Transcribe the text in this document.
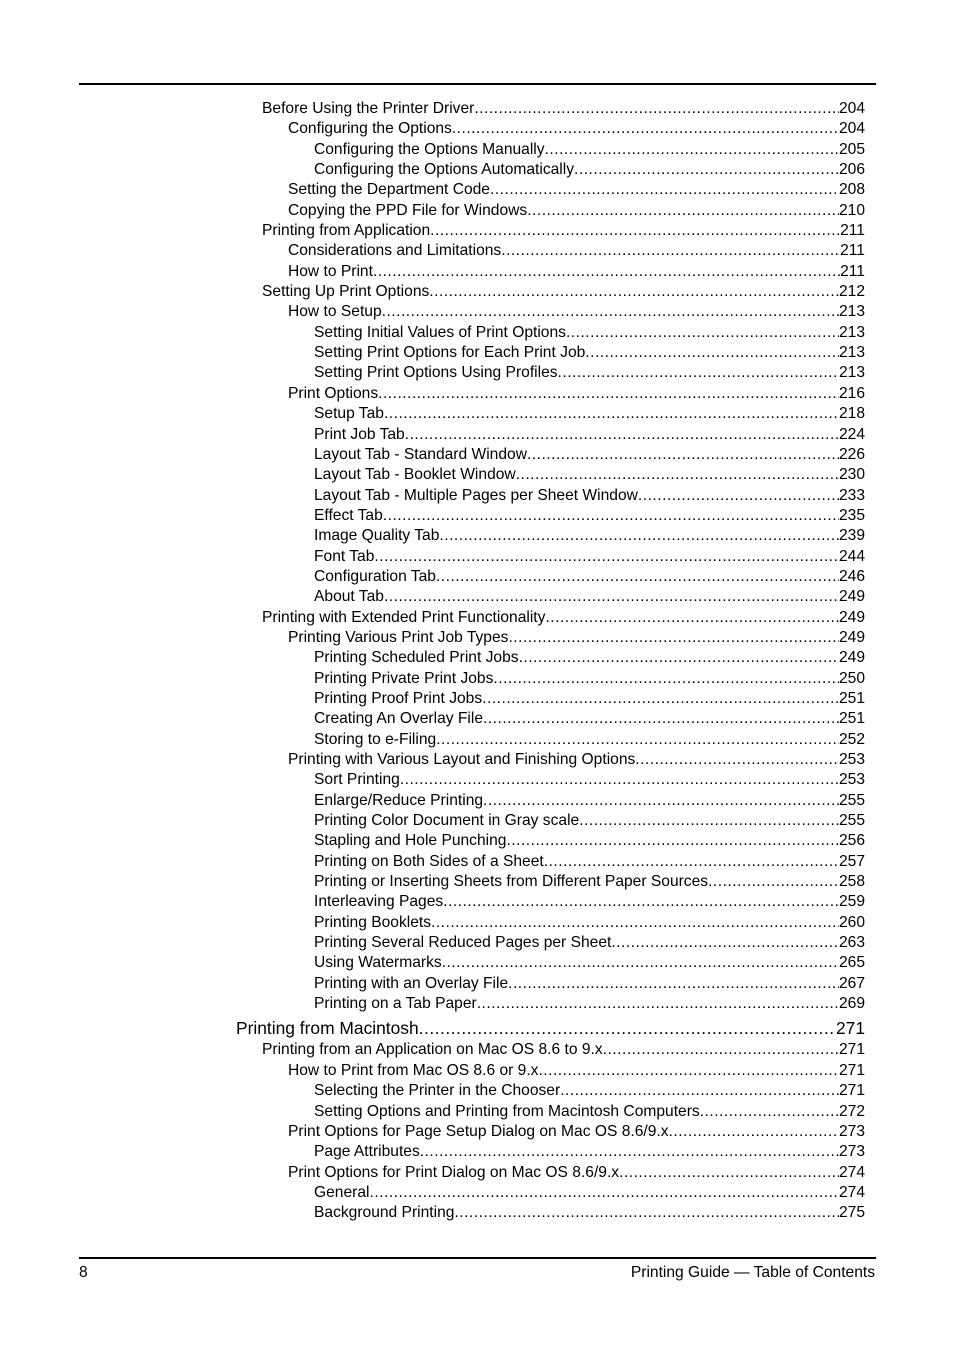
Before Using the Printer Driver .....	204
Configuring the Options .....	204
Configuring the Options Manually .....	205
Configuring the Options Automatically .....	206
Setting the Department Code .....	208
Copying the PPD File for Windows .....	210
Printing from Application .....	211
Considerations and Limitations .....	211
How to Print .....	211
Setting Up Print Options .....	212
How to Setup .....	213
Setting Initial Values of Print Options .....	213
Setting Print Options for Each Print Job .....	213
Setting Print Options Using Profiles .....	213
Print Options .....	216
Setup Tab .....	218
Print Job Tab .....	224
Layout Tab - Standard Window .....	226
Layout Tab - Booklet Window .....	230
Layout Tab - Multiple Pages per Sheet Window .....	233
Effect Tab .....	235
Image Quality Tab .....	239
Font Tab .....	244
Configuration Tab .....	246
About Tab .....	249
Printing with Extended Print Functionality .....	249
Printing Various Print Job Types .....	249
Printing Scheduled Print Jobs .....	249
Printing Private Print Jobs .....	250
Printing Proof Print Jobs .....	251
Creating An Overlay File .....	251
Storing to e-Filing .....	252
Printing with Various Layout and Finishing Options .....	253
Sort Printing .....	253
Enlarge/Reduce Printing .....	255
Printing Color Document in Gray scale .....	255
Stapling and Hole Punching .....	256
Printing on Both Sides of a Sheet .....	257
Printing or Inserting Sheets from Different Paper Sources .....	258
Interleaving Pages .....	259
Printing Booklets .....	260
Printing Several Reduced Pages per Sheet .....	263
Using Watermarks .....	265
Printing with an Overlay File .....	267
Printing on a Tab Paper .....	269
Printing from Macintosh .....	271
Printing from an Application on Mac OS 8.6 to 9.x .....	271
How to Print from Mac OS 8.6 or 9.x .....	271
Selecting the Printer in the Chooser .....	271
Setting Options and Printing from Macintosh Computers .....	272
Print Options for Page Setup Dialog on Mac OS 8.6/9.x .....	273
Page Attributes .....	273
Print Options for Print Dialog on Mac OS 8.6/9.x .....	274
General .....	274
Background Printing .....	275
8	Printing Guide — Table of Contents
